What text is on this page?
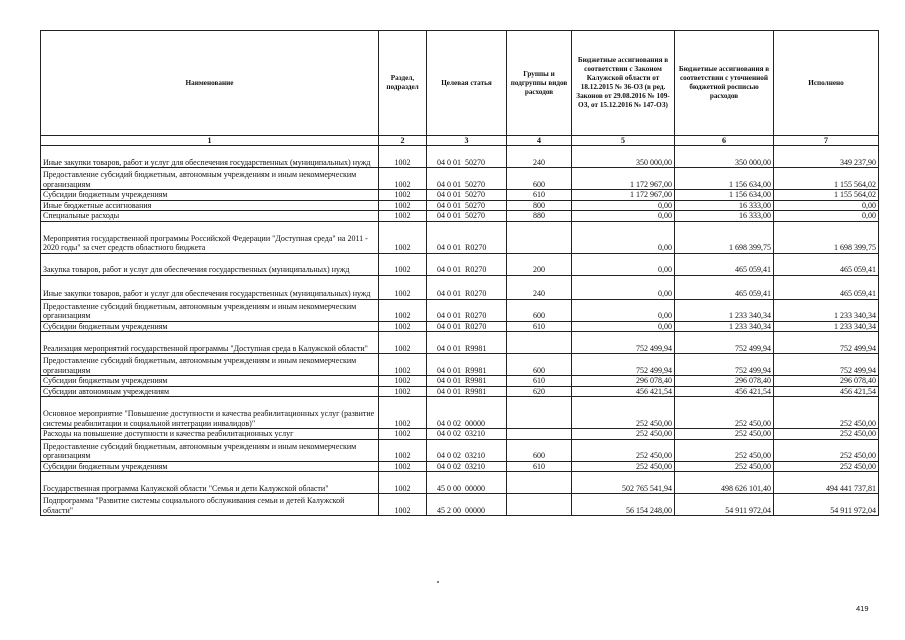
Наименование	Раздел, подраздел	Целевая статья	Группы и подгруппы видов расходов	Бюджетные ассигнования в соответствии с Законом Калужской области от 18.12.2015 № 36-ОЗ (в ред. Законов от 29.08.2016 № 109-ОЗ, от 15.12.2016 № 147-ОЗ)	Бюджетные ассигнования в соответствии с уточненной бюджетной росписью расходов	Исполнено
1	2	3	4	5	6	7
Иные закупки товаров, работ и услуг для обеспечения государственных (муниципальных) нужд	1002	04 0 01  50270	240	350 000,00	350 000,00	349 237,90
Предоставление субсидий бюджетным, автономным учреждениям и иным некоммерческим организациям	1002	04 0 01  50270	600	1 172 967,00	1 156 634,00	1 155 564,02
Субсидии бюджетным учреждениям	1002	04 0 01  50270	610	1 172 967,00	1 156 634,00	1 155 564,02
Иные бюджетные ассигнования	1002	04 0 01  50270	800	0,00	16 333,00	0,00
Специальные расходы	1002	04 0 01  50270	880	0,00	16 333,00	0,00
Мероприятия государственной программы Российской Федерации "Доступная среда" на 2011 - 2020 годы" за счет средств областного бюджета	1002	04 0 01  R0270		0,00	1 698 399,75	1 698 399,75
Закупка товаров, работ и услуг для обеспечения государственных (муниципальных) нужд	1002	04 0 01  R0270	200	0,00	465 059,41	465 059,41
Иные закупки товаров, работ и услуг для обеспечения государственных (муниципальных) нужд	1002	04 0 01  R0270	240	0,00	465 059,41	465 059,41
Предоставление субсидий бюджетным, автономным учреждениям и иным некоммерческим организациям	1002	04 0 01  R0270	600	0,00	1 233 340,34	1 233 340,34
Субсидии бюджетным учреждениям	1002	04 0 01  R0270	610	0,00	1 233 340,34	1 233 340,34
Реализация мероприятий государственной программы "Доступная среда в Калужской области"	1002	04 0 01  R9981		752 499,94	752 499,94	752 499,94
Предоставление субсидий бюджетным, автономным учреждениям и иным некоммерческим организациям	1002	04 0 01  R9981	600	752 499,94	752 499,94	752 499,94
Субсидии бюджетным учреждениям	1002	04 0 01  R9981	610	296 078,40	296 078,40	296 078,40
Субсидии автономным учреждениям	1002	04 0 01  R9981	620	456 421,54	456 421,54	456 421,54
Основное мероприятие "Повышение доступности и качества реабилитационных услуг (развитие системы реабилитации и социальной интеграции инвалидов)"	1002	04 0 02  00000		252 450,00	252 450,00	252 450,00
Расходы на повышение доступности и качества реабилитационных услуг	1002	04 0 02  03210		252 450,00	252 450,00	252 450,00
Предоставление субсидий бюджетным, автономным учреждениям и иным некоммерческим организациям	1002	04 0 02  03210	600	252 450,00	252 450,00	252 450,00
Субсидии бюджетным учреждениям	1002	04 0 02  03210	610	252 450,00	252 450,00	252 450,00
Государственная программа Калужской области "Семья и дети Калужской области"	1002	45 0 00  00000		502 765 541,94	498 626 101,40	494 441 737,81
Подпрограмма "Развитие системы социального обслуживания семьи и детей Калужской области"	1002	45 2 00  00000		56 154 248,00	54 911 972,04	54 911 972,04
419
